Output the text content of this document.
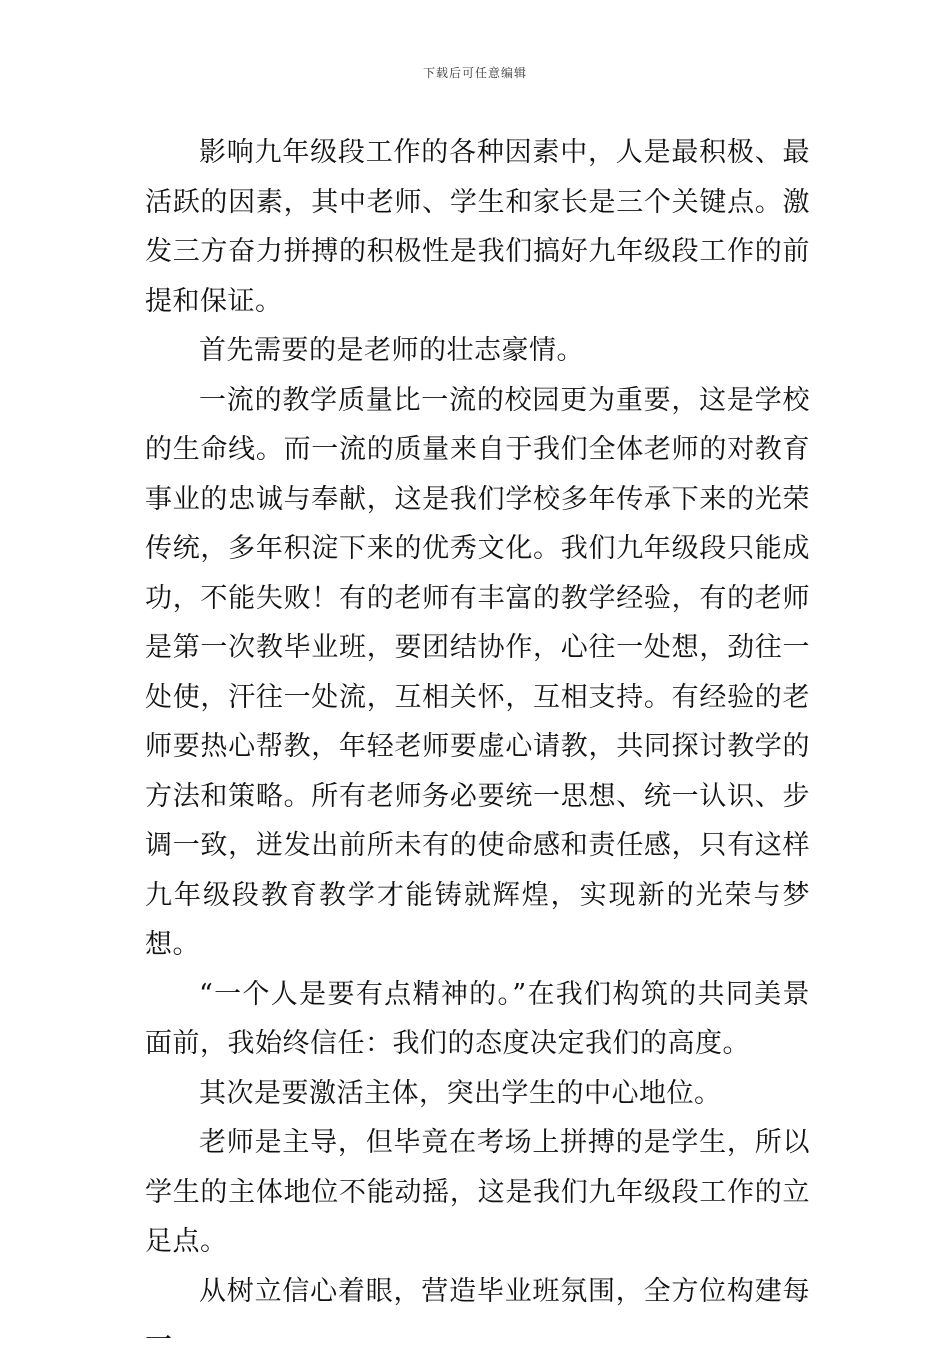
下载后可任意编辑

影响九年级段工作的各种因素中，人是最积极、最活跃的因素，其中老师、学生和家长是三个关键点。激发三方奋力拼搏的积极性是我们搞好九年级段工作的前提和保证。

首先需要的是老师的壮志豪情。

一流的教学质量比一流的校园更为重要，这是学校的生命线。而一流的质量来自于我们全体老师的对教育事业的忠诚与奉献，这是我们学校多年传承下来的光荣传统，多年积淀下来的优秀文化。我们九年级段只能成功，不能失败！有的老师有丰富的教学经验，有的老师是第一次教毕业班，要团结协作，心往一处想，劲往一处使，汗往一处流，互相关怀，互相支持。有经验的老师要热心帮教，年轻老师要虚心请教，共同探讨教学的方法和策略。所有老师务必要统一思想、统一认识、步调一致，迸发出前所未有的使命感和责任感，只有这样九年级段教育教学才能铸就辉煌，实现新的光荣与梦想。

“一个人是要有点精神的。”在我们构筑的共同美景面前，我始终信任：我们的态度决定我们的高度。

其次是要激活主体，突出学生的中心地位。

老师是主导，但毕竟在考场上拼搏的是学生，所以学生的主体地位不能动摇，这是我们九年级段工作的立足点。

从树立信心着眼，营造毕业班氛围，全方位构建每一
